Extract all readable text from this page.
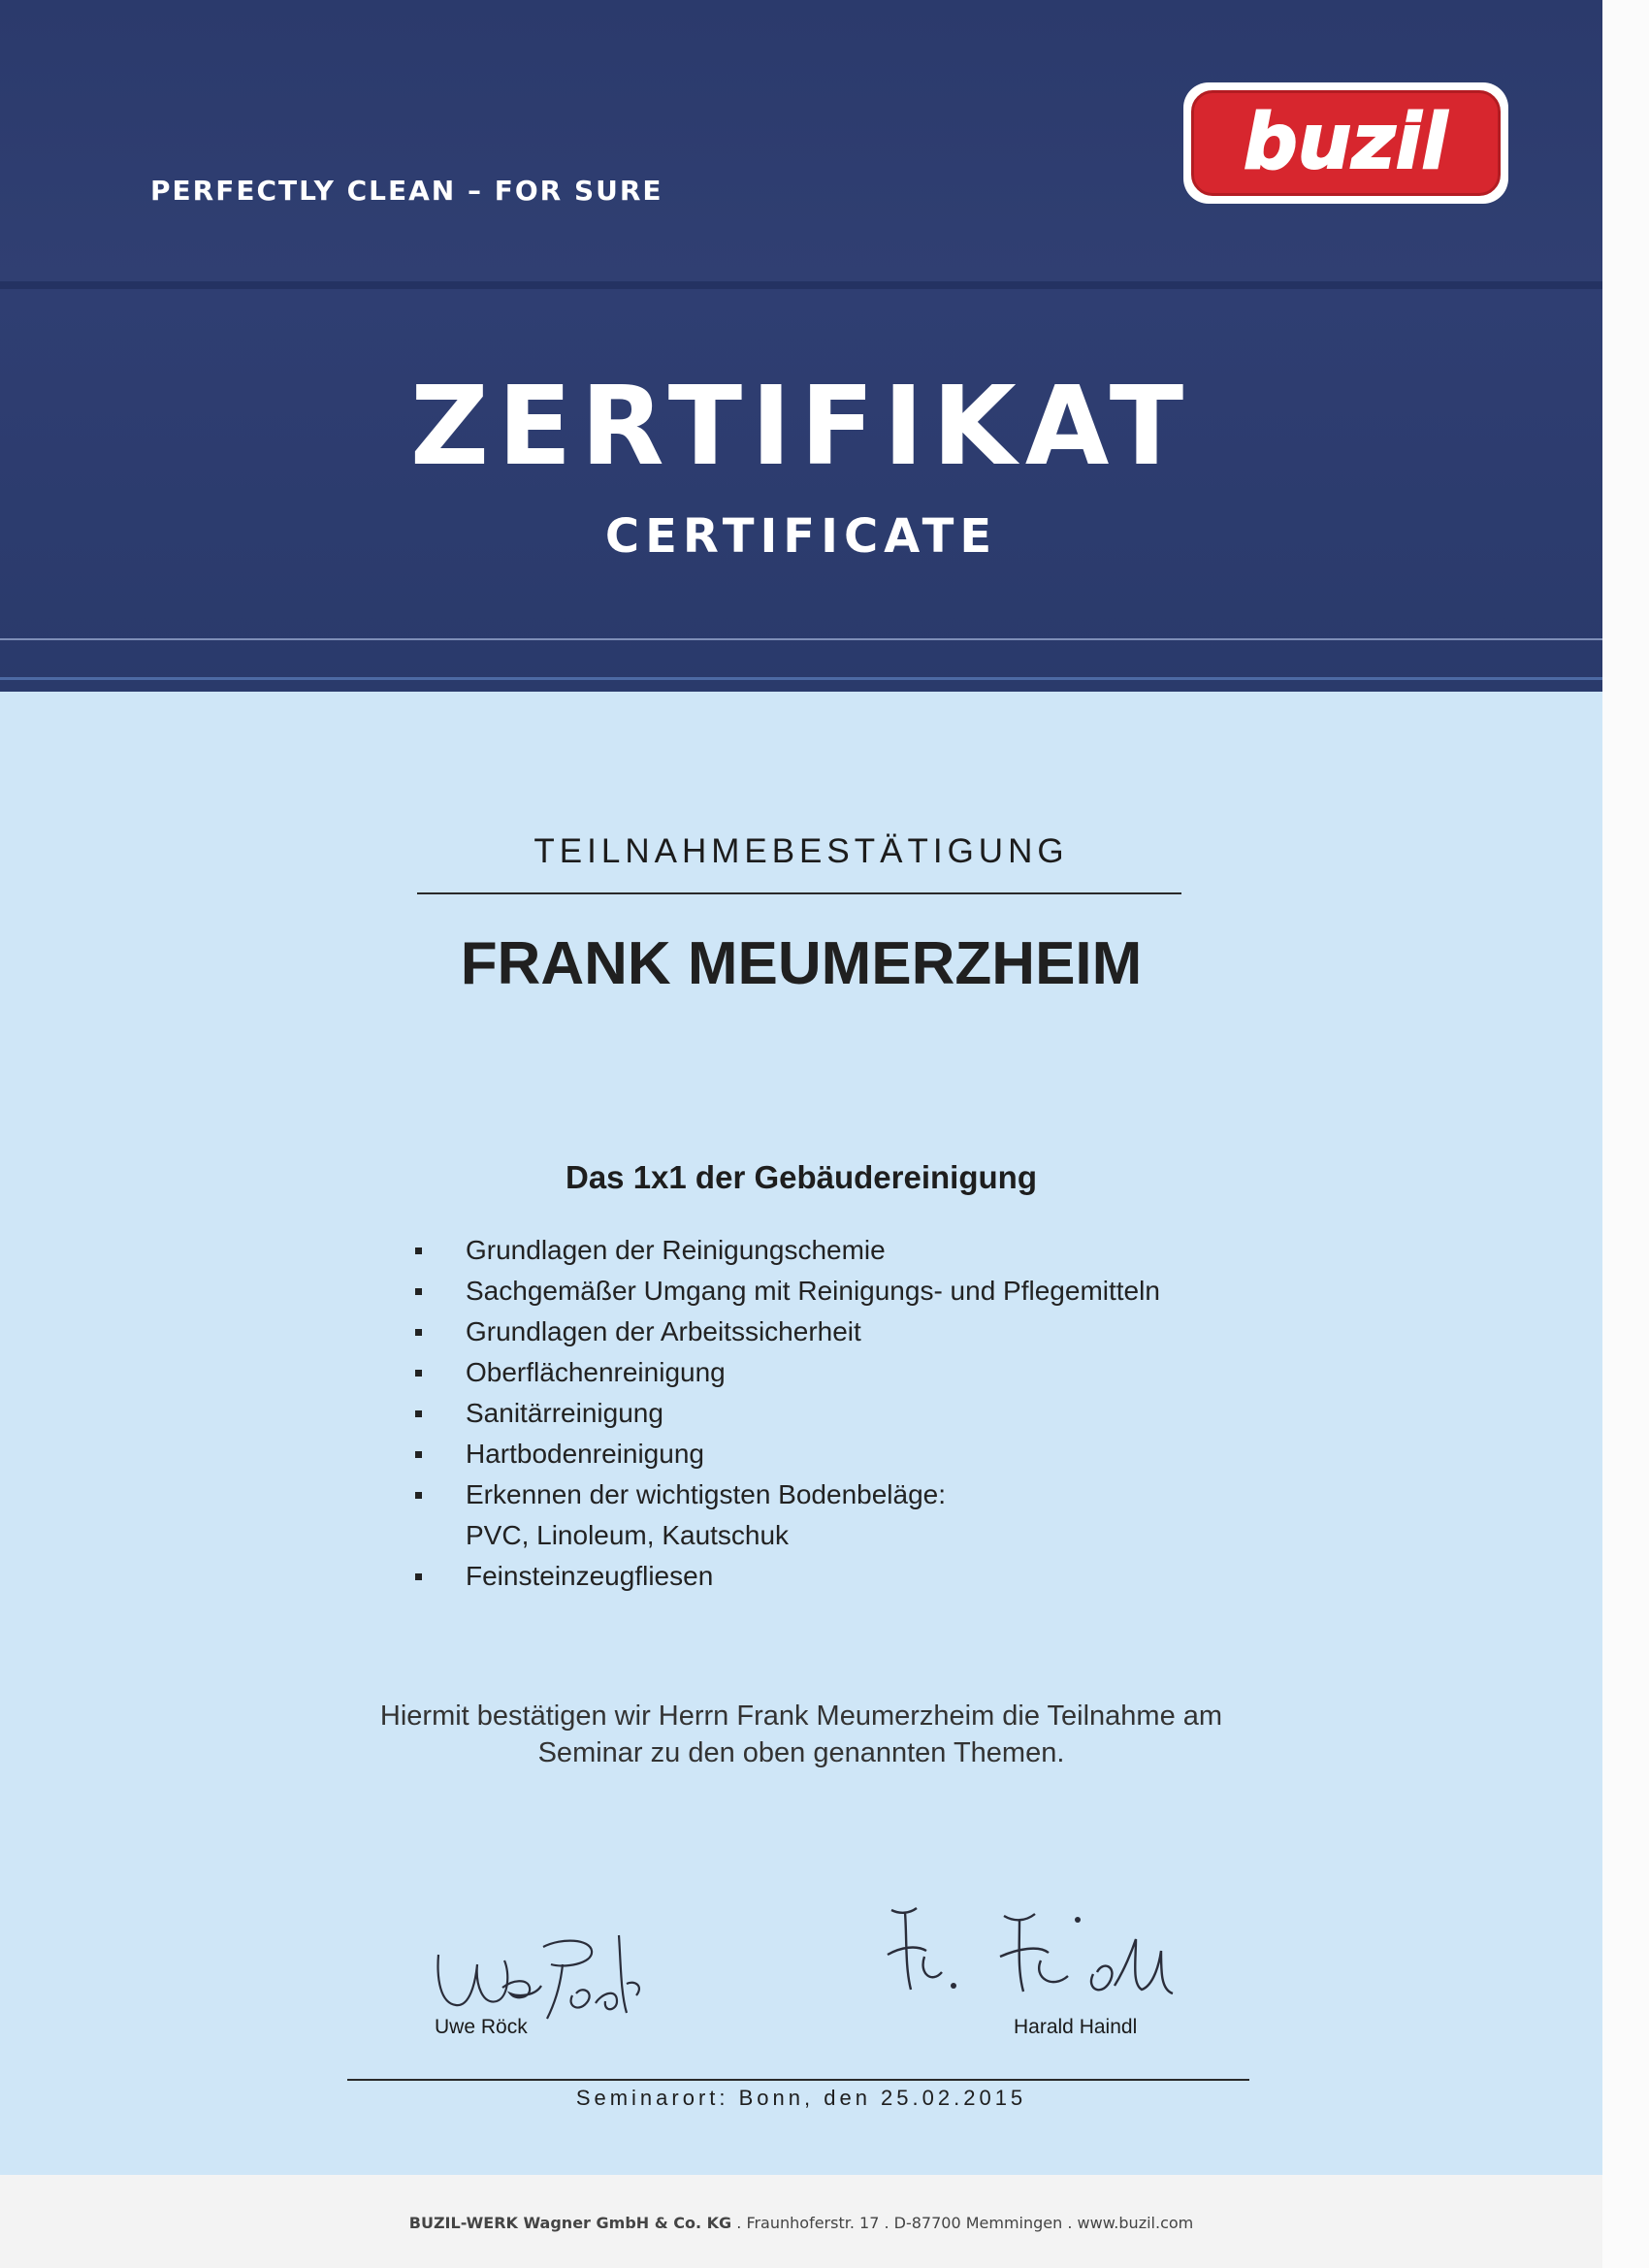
PERFECTLY CLEAN – FOR SURE
buzil
ZERTIFIKAT
CERTIFICATE
TEILNAHMEBESTÄTIGUNG
FRANK MEUMERZHEIM
Das 1x1 der Gebäudereinigung
Grundlagen der Reinigungschemie
Sachgemäßer Umgang mit Reinigungs- und Pflegemitteln
Grundlagen der Arbeitssicherheit
Oberflächenreinigung
Sanitärreinigung
Hartbodenreinigung
Erkennen der wichtigsten Bodenbeläge:
PVC, Linoleum, Kautschuk
Feinsteinzeugfliesen
Hiermit bestätigen wir Herrn Frank Meumerzheim die Teilnahme am
Seminar zu den oben genannten Themen.
Uwe Röck	Harald Haindl
Seminarort: Bonn, den 25.02.2015
BUZIL-WERK Wagner GmbH & Co. KG . Fraunhoferstr. 17 . D-87700 Memmingen . www.buzil.com
